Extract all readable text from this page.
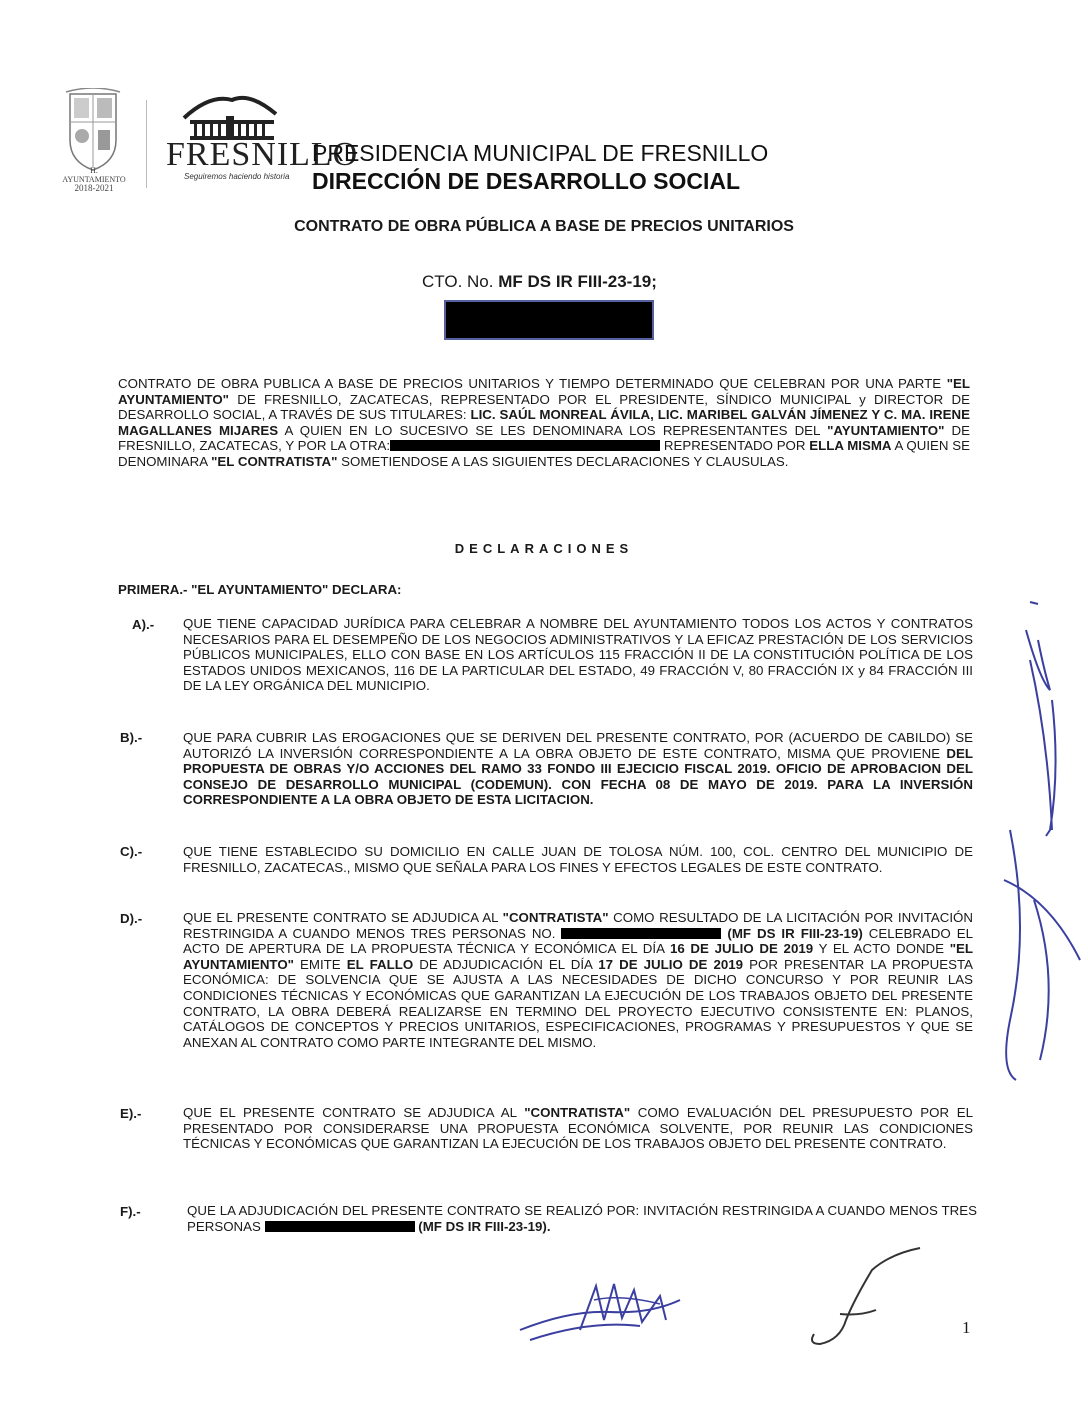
H. AYUNTAMIENTO
2018-2021
FRESNILLO
Seguiremos haciendo historia
PRESIDENCIA MUNICIPAL DE FRESNILLO
DIRECCIÓN DE DESARROLLO SOCIAL
CONTRATO DE OBRA PÚBLICA A BASE DE PRECIOS UNITARIOS
CTO. No. MF DS IR FIII-23-19;
CONTRATO DE OBRA PUBLICA A BASE DE PRECIOS UNITARIOS Y TIEMPO DETERMINADO QUE CELEBRAN POR UNA PARTE "EL AYUNTAMIENTO" DE FRESNILLO, ZACATECAS, REPRESENTADO POR EL PRESIDENTE, SÍNDICO MUNICIPAL y DIRECTOR DE DESARROLLO SOCIAL, A TRAVÉS DE SUS TITULARES: LIC. SAÚL MONREAL ÁVILA, LIC. MARIBEL GALVÁN JÍMENEZ Y C. MA. IRENE MAGALLANES MIJARES A QUIEN EN LO SUCESIVO SE LES DENOMINARA LOS REPRESENTANTES DEL "AYUNTAMIENTO" DE FRESNILLO, ZACATECAS, Y POR LA OTRA:	REPRESENTADO POR ELLA MISMA A QUIEN SE DENOMINARA "EL CONTRATISTA" SOMETIENDOSE A LAS SIGUIENTES DECLARACIONES Y CLAUSULAS.
DECLARACIONES
PRIMERA.- "EL AYUNTAMIENTO" DECLARA:
A).- QUE TIENE CAPACIDAD JURÍDICA PARA CELEBRAR A NOMBRE DEL AYUNTAMIENTO TODOS LOS ACTOS Y CONTRATOS NECESARIOS PARA EL DESEMPEÑO DE LOS NEGOCIOS ADMINISTRATIVOS Y LA EFICAZ PRESTACIÓN DE LOS SERVICIOS PÚBLICOS MUNICIPALES, ELLO CON BASE EN LOS ARTÍCULOS 115 FRACCIÓN II DE LA CONSTITUCIÓN POLÍTICA DE LOS ESTADOS UNIDOS MEXICANOS, 116 DE LA PARTICULAR DEL ESTADO, 49 FRACCIÓN V, 80 FRACCIÓN IX y 84 FRACCIÓN III DE LA LEY ORGÁNICA DEL MUNICIPIO.
B).-	QUE PARA CUBRIR LAS EROGACIONES QUE SE DERIVEN DEL PRESENTE CONTRATO, POR (ACUERDO DE CABILDO) SE AUTORIZÓ LA INVERSIÓN CORRESPONDIENTE A LA OBRA OBJETO DE ESTE CONTRATO, MISMA QUE PROVIENE DEL PROPUESTA DE OBRAS Y/O ACCIONES DEL RAMO 33 FONDO III EJECICIO FISCAL 2019. OFICIO DE APROBACION DEL CONSEJO DE DESARROLLO MUNICIPAL (CODEMUN). CON FECHA 08 DE MAYO DE 2019. PARA LA INVERSIÓN CORRESPONDIENTE A LA OBRA OBJETO DE ESTA LICITACION.
C).-	QUE TIENE ESTABLECIDO SU DOMICILIO EN CALLE JUAN DE TOLOSA NÚM. 100, COL. CENTRO DEL MUNICIPIO DE FRESNILLO, ZACATECAS., MISMO QUE SEÑALA PARA LOS FINES Y EFECTOS LEGALES DE ESTE CONTRATO.
D).-	QUE EL PRESENTE CONTRATO SE ADJUDICA AL "CONTRATISTA" COMO RESULTADO DE LA LICITACIÓN POR INVITACIÓN RESTRINGIDA A CUANDO MENOS TRES PERSONAS NO.	(MF DS IR FIII-23-19) CELEBRADO EL ACTO DE APERTURA DE LA PROPUESTA TÉCNICA Y ECONÓMICA EL DÍA 16 DE JULIO DE 2019 Y EL ACTO DONDE "EL AYUNTAMIENTO" EMITE EL FALLO DE ADJUDICACIÓN EL DÍA 17 DE JULIO DE 2019 POR PRESENTAR LA PROPUESTA ECONÓMICA: DE SOLVENCIA QUE SE AJUSTA A LAS NECESIDADES DE DICHO CONCURSO Y POR REUNIR LAS CONDICIONES TÉCNICAS Y ECONÓMICAS QUE GARANTIZAN LA EJECUCIÓN DE LOS TRABAJOS OBJETO DEL PRESENTE CONTRATO, LA OBRA DEBERÁ REALIZARSE EN TERMINO DEL PROYECTO EJECUTIVO CONSISTENTE EN: PLANOS, CATÁLOGOS DE CONCEPTOS Y PRECIOS UNITARIOS, ESPECIFICACIONES, PROGRAMAS Y PRESUPUESTOS Y QUE SE ANEXAN AL CONTRATO COMO PARTE INTEGRANTE DEL MISMO.
E).-	QUE EL PRESENTE CONTRATO SE ADJUDICA AL "CONTRATISTA" COMO EVALUACIÓN DEL PRESUPUESTO POR EL PRESENTADO POR CONSIDERARSE UNA PROPUESTA ECONÓMICA SOLVENTE, POR REUNIR LAS CONDICIONES TÉCNICAS Y ECONÓMICAS QUE GARANTIZAN LA EJECUCIÓN DE LOS TRABAJOS OBJETO DEL PRESENTE CONTRATO.
F).-	QUE LA ADJUDICACIÓN DEL PRESENTE CONTRATO SE REALIZÓ POR: INVITACIÓN RESTRINGIDA A CUANDO MENOS TRES PERSONAS	(MF DS IR FIII-23-19).
1
